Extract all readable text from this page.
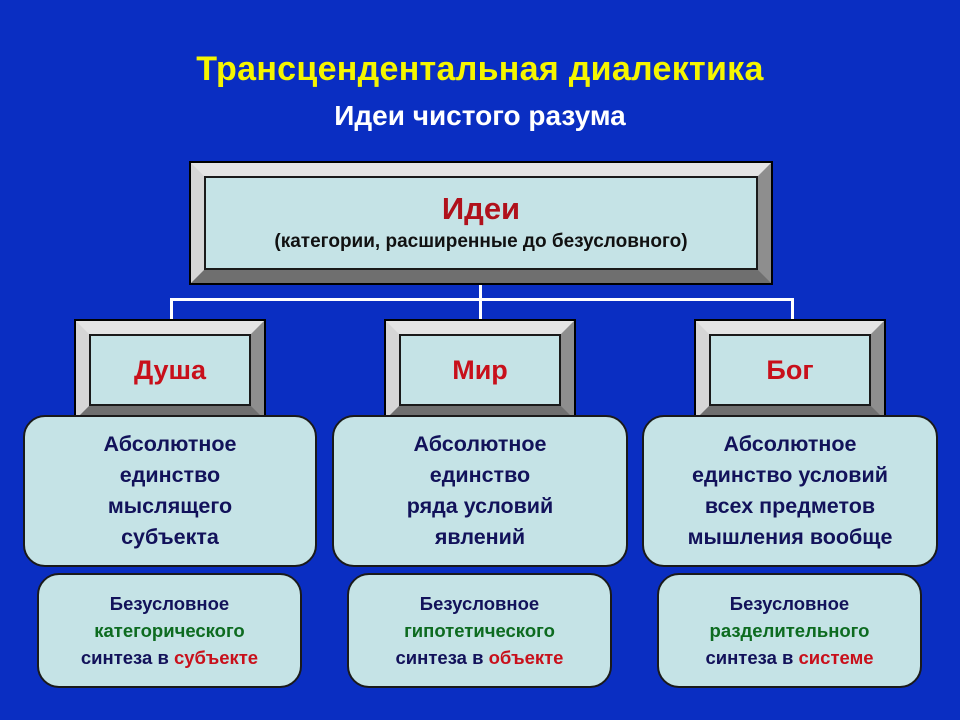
Трансцендентальная диалектика
Идеи чистого разума
Идеи
(категории, расширенные до безусловного)
Душа
Абсолютное
единство
мыслящего
субъекта
Безусловное
категорического
синтеза в субъекте
Мир
Абсолютное
единство
ряда условий
явлений
Безусловное
гипотетического
синтеза в объекте
Бог
Абсолютное
единство условий
всех предметов
мышления вообще
Безусловное
разделительного
синтеза в системе
